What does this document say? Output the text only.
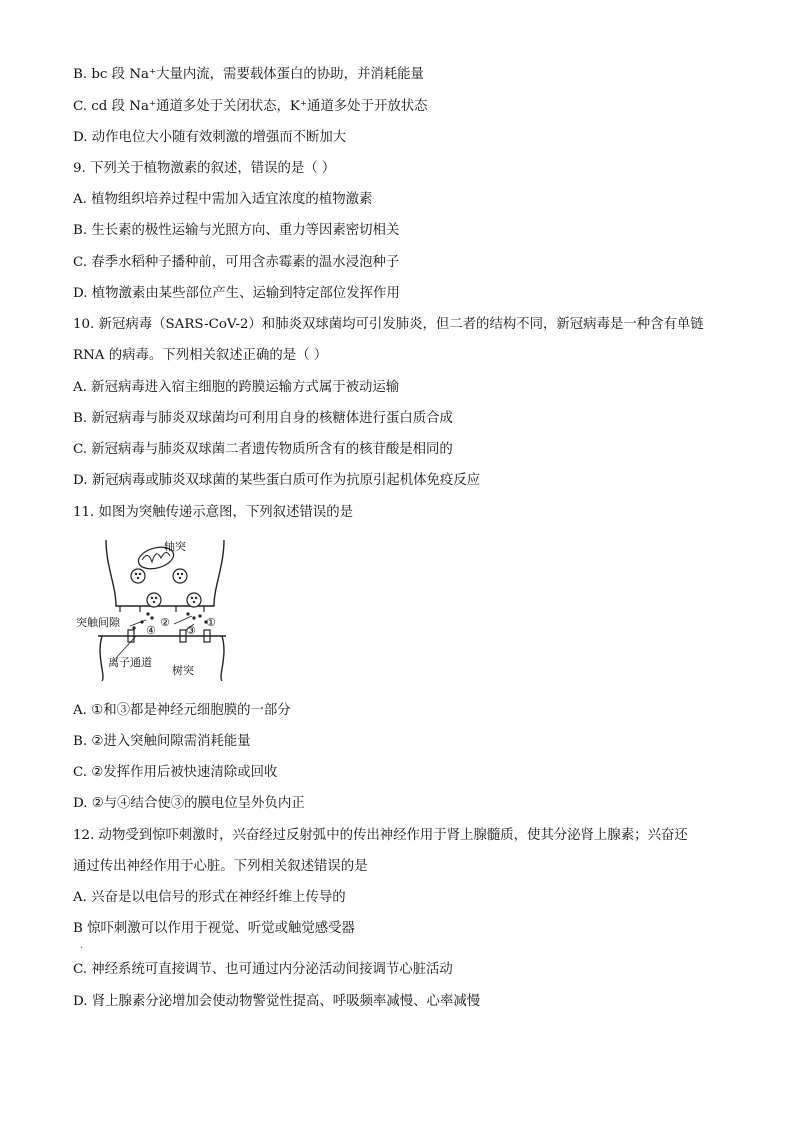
B. bc 段 Na⁺大量内流，需要载体蛋白的协助，并消耗能量
C. cd 段 Na⁺通道多处于关闭状态，K⁺通道多处于开放状态
D. 动作电位大小随有效刺激的增强而不断加大
9. 下列关于植物激素的叙述，错误的是（ ）
A. 植物组织培养过程中需加入适宜浓度的植物激素
B. 生长素的极性运输与光照方向、重力等因素密切相关
C. 春季水稻种子播种前，可用含赤霉素的温水浸泡种子
D. 植物激素由某些部位产生、运输到特定部位发挥作用
10. 新冠病毒（SARS-CoV-2）和肺炎双球菌均可引发肺炎，但二者的结构不同，新冠病毒是一种含有单链
RNA 的病毒。下列相关叙述正确的是（ ）
A. 新冠病毒进入宿主细胞的跨膜运输方式属于被动运输
B. 新冠病毒与肺炎双球菌均可利用自身的核糖体进行蛋白质合成
C. 新冠病毒与肺炎双球菌二者遗传物质所含有的核苷酸是相同的
D. 新冠病毒或肺炎双球菌的某些蛋白质可作为抗原引起机体免疫反应
11. 如图为突触传递示意图，下列叙述错误的是
轴突
突触间隙
离子通道
树突
②	①
④	③
A. ①和③都是神经元细胞膜的一部分
B. ②进入突触间隙需消耗能量
C. ②发挥作用后被快速清除或回收
D. ②与④结合使③的膜电位呈外负内正
12. 动物受到惊吓刺激时，兴奋经过反射弧中的传出神经作用于肾上腺髓质，使其分泌肾上腺素；兴奋还
通过传出神经作用于心脏。下列相关叙述错误的是
A. 兴奋是以电信号的形式在神经纤维上传导的
B 惊吓刺激可以作用于视觉、听觉或触觉感受器
·
C. 神经系统可直接调节、也可通过内分泌活动间接调节心脏活动
D. 肾上腺素分泌增加会使动物警觉性提高、呼吸频率减慢、心率减慢
